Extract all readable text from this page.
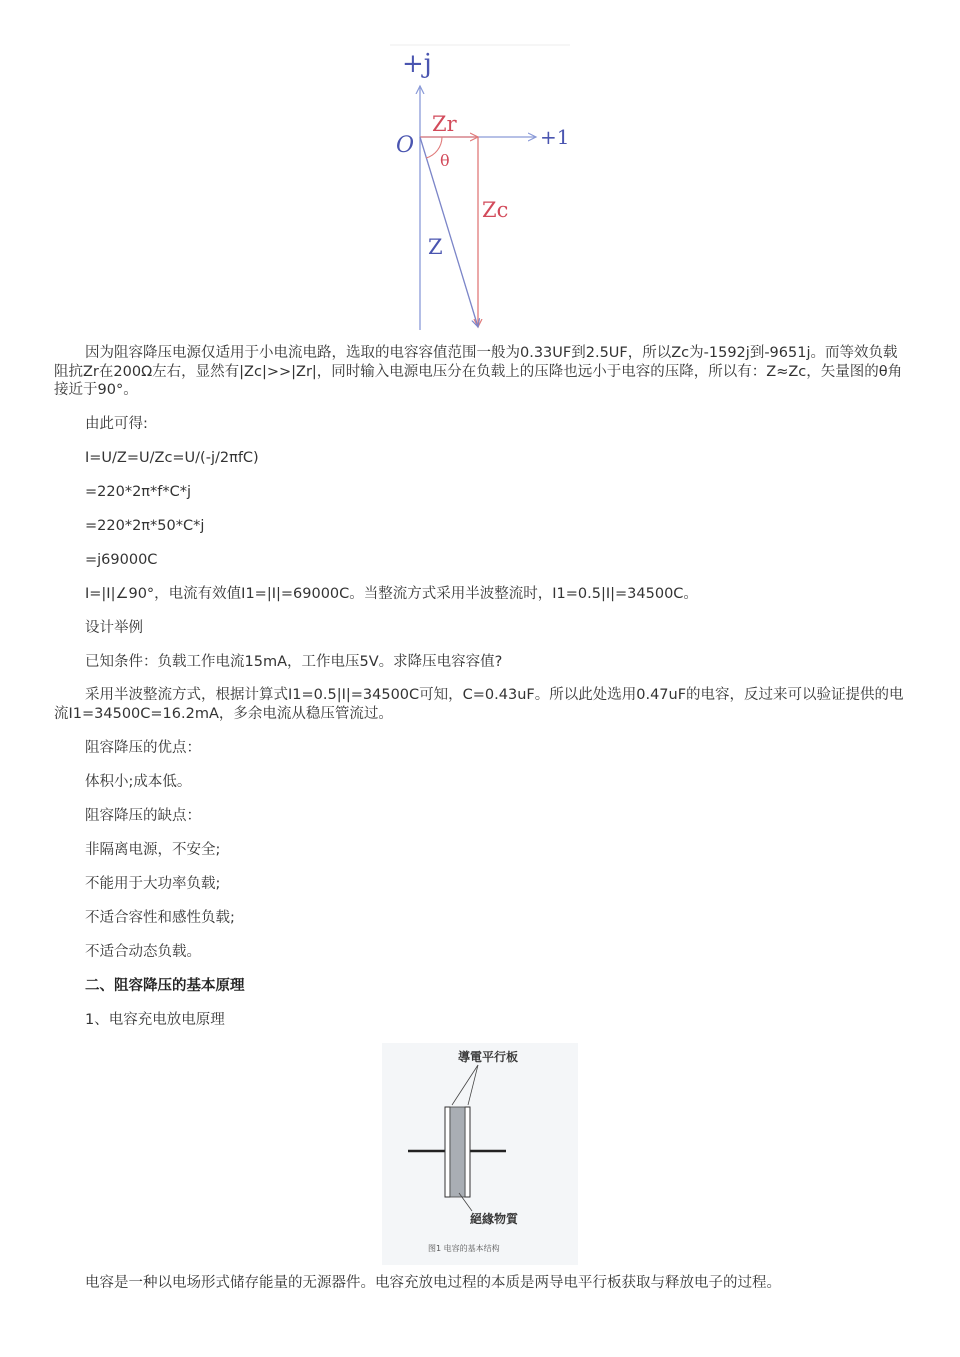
+j
+1
O
Zr
θ
Zc
Z

因为阻容降压电源仅适用于小电流电路，选取的电容容值范围一般为0.33UF到2.5UF，所以Zc为-1592j到-9651j。而等效负载阻抗Zr在200Ω左右，显然有|Zc|>>|Zr|，同时输入电源电压分在负载上的压降也远小于电容的压降，所以有：Z≈Zc，矢量图的θ角接近于90°。

由此可得:

I=U/Z=U/Zc=U/(-j/2πfC)

=220*2π*f*C*j

=220*2π*50*C*j

=j69000C

I=|I|∠90°，电流有效值I1=|I|=69000C。当整流方式采用半波整流时，I1=0.5|I|=34500C。

设计举例

已知条件：负载工作电流15mA，工作电压5V。求降压电容容值?

采用半波整流方式，根据计算式I1=0.5|I|=34500C可知，C=0.43uF。所以此处选用0.47uF的电容，反过来可以验证提供的电流I1=34500C=16.2mA，多余电流从稳压管流过。

阻容降压的优点：

体积小;成本低。

阻容降压的缺点：

非隔离电源，不安全;

不能用于大功率负载;

不适合容性和感性负载;

不适合动态负载。

二、阻容降压的基本原理

1、电容充电放电原理

導電平行板
絕緣物質
图1 电容的基本结构

电容是一种以电场形式储存能量的无源器件。电容充放电过程的本质是两导电平行板获取与释放电子的过程。
